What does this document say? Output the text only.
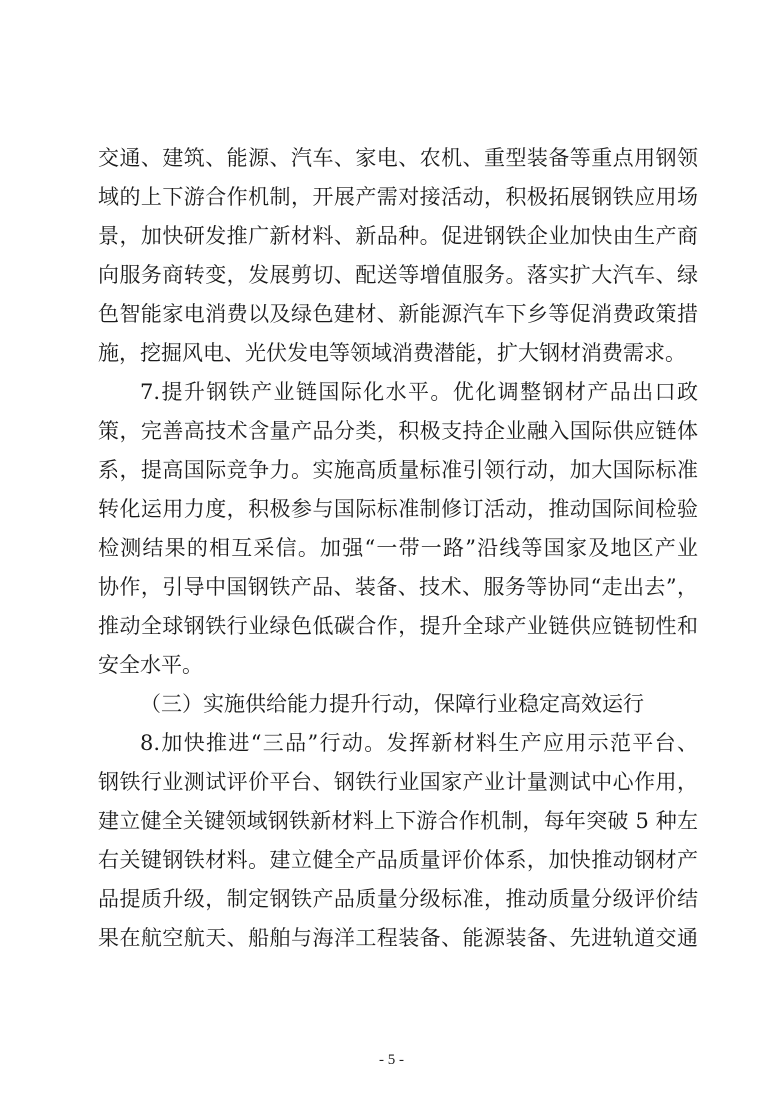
交通、建筑、能源、汽车、家电、农机、重型装备等重点用钢领
域的上下游合作机制，开展产需对接活动，积极拓展钢铁应用场
景，加快研发推广新材料、新品种。促进钢铁企业加快由生产商
向服务商转变，发展剪切、配送等增值服务。落实扩大汽车、绿
色智能家电消费以及绿色建材、新能源汽车下乡等促消费政策措
施，挖掘风电、光伏发电等领域消费潜能，扩大钢材消费需求。
7.提升钢铁产业链国际化水平。优化调整钢材产品出口政
策，完善高技术含量产品分类，积极支持企业融入国际供应链体
系，提高国际竞争力。实施高质量标准引领行动，加大国际标准
转化运用力度，积极参与国际标准制修订活动，推动国际间检验
检测结果的相互采信。加强“一带一路”沿线等国家及地区产业
协作，引导中国钢铁产品、装备、技术、服务等协同“走出去”，
推动全球钢铁行业绿色低碳合作，提升全球产业链供应链韧性和
安全水平。
（三）实施供给能力提升行动，保障行业稳定高效运行
8.加快推进“三品”行动。发挥新材料生产应用示范平台、
钢铁行业测试评价平台、钢铁行业国家产业计量测试中心作用，
建立健全关键领域钢铁新材料上下游合作机制，每年突破 5 种左
右关键钢铁材料。建立健全产品质量评价体系，加快推动钢材产
品提质升级，制定钢铁产品质量分级标准，推动质量分级评价结
果在航空航天、船舶与海洋工程装备、能源装备、先进轨道交通
- 5 -
